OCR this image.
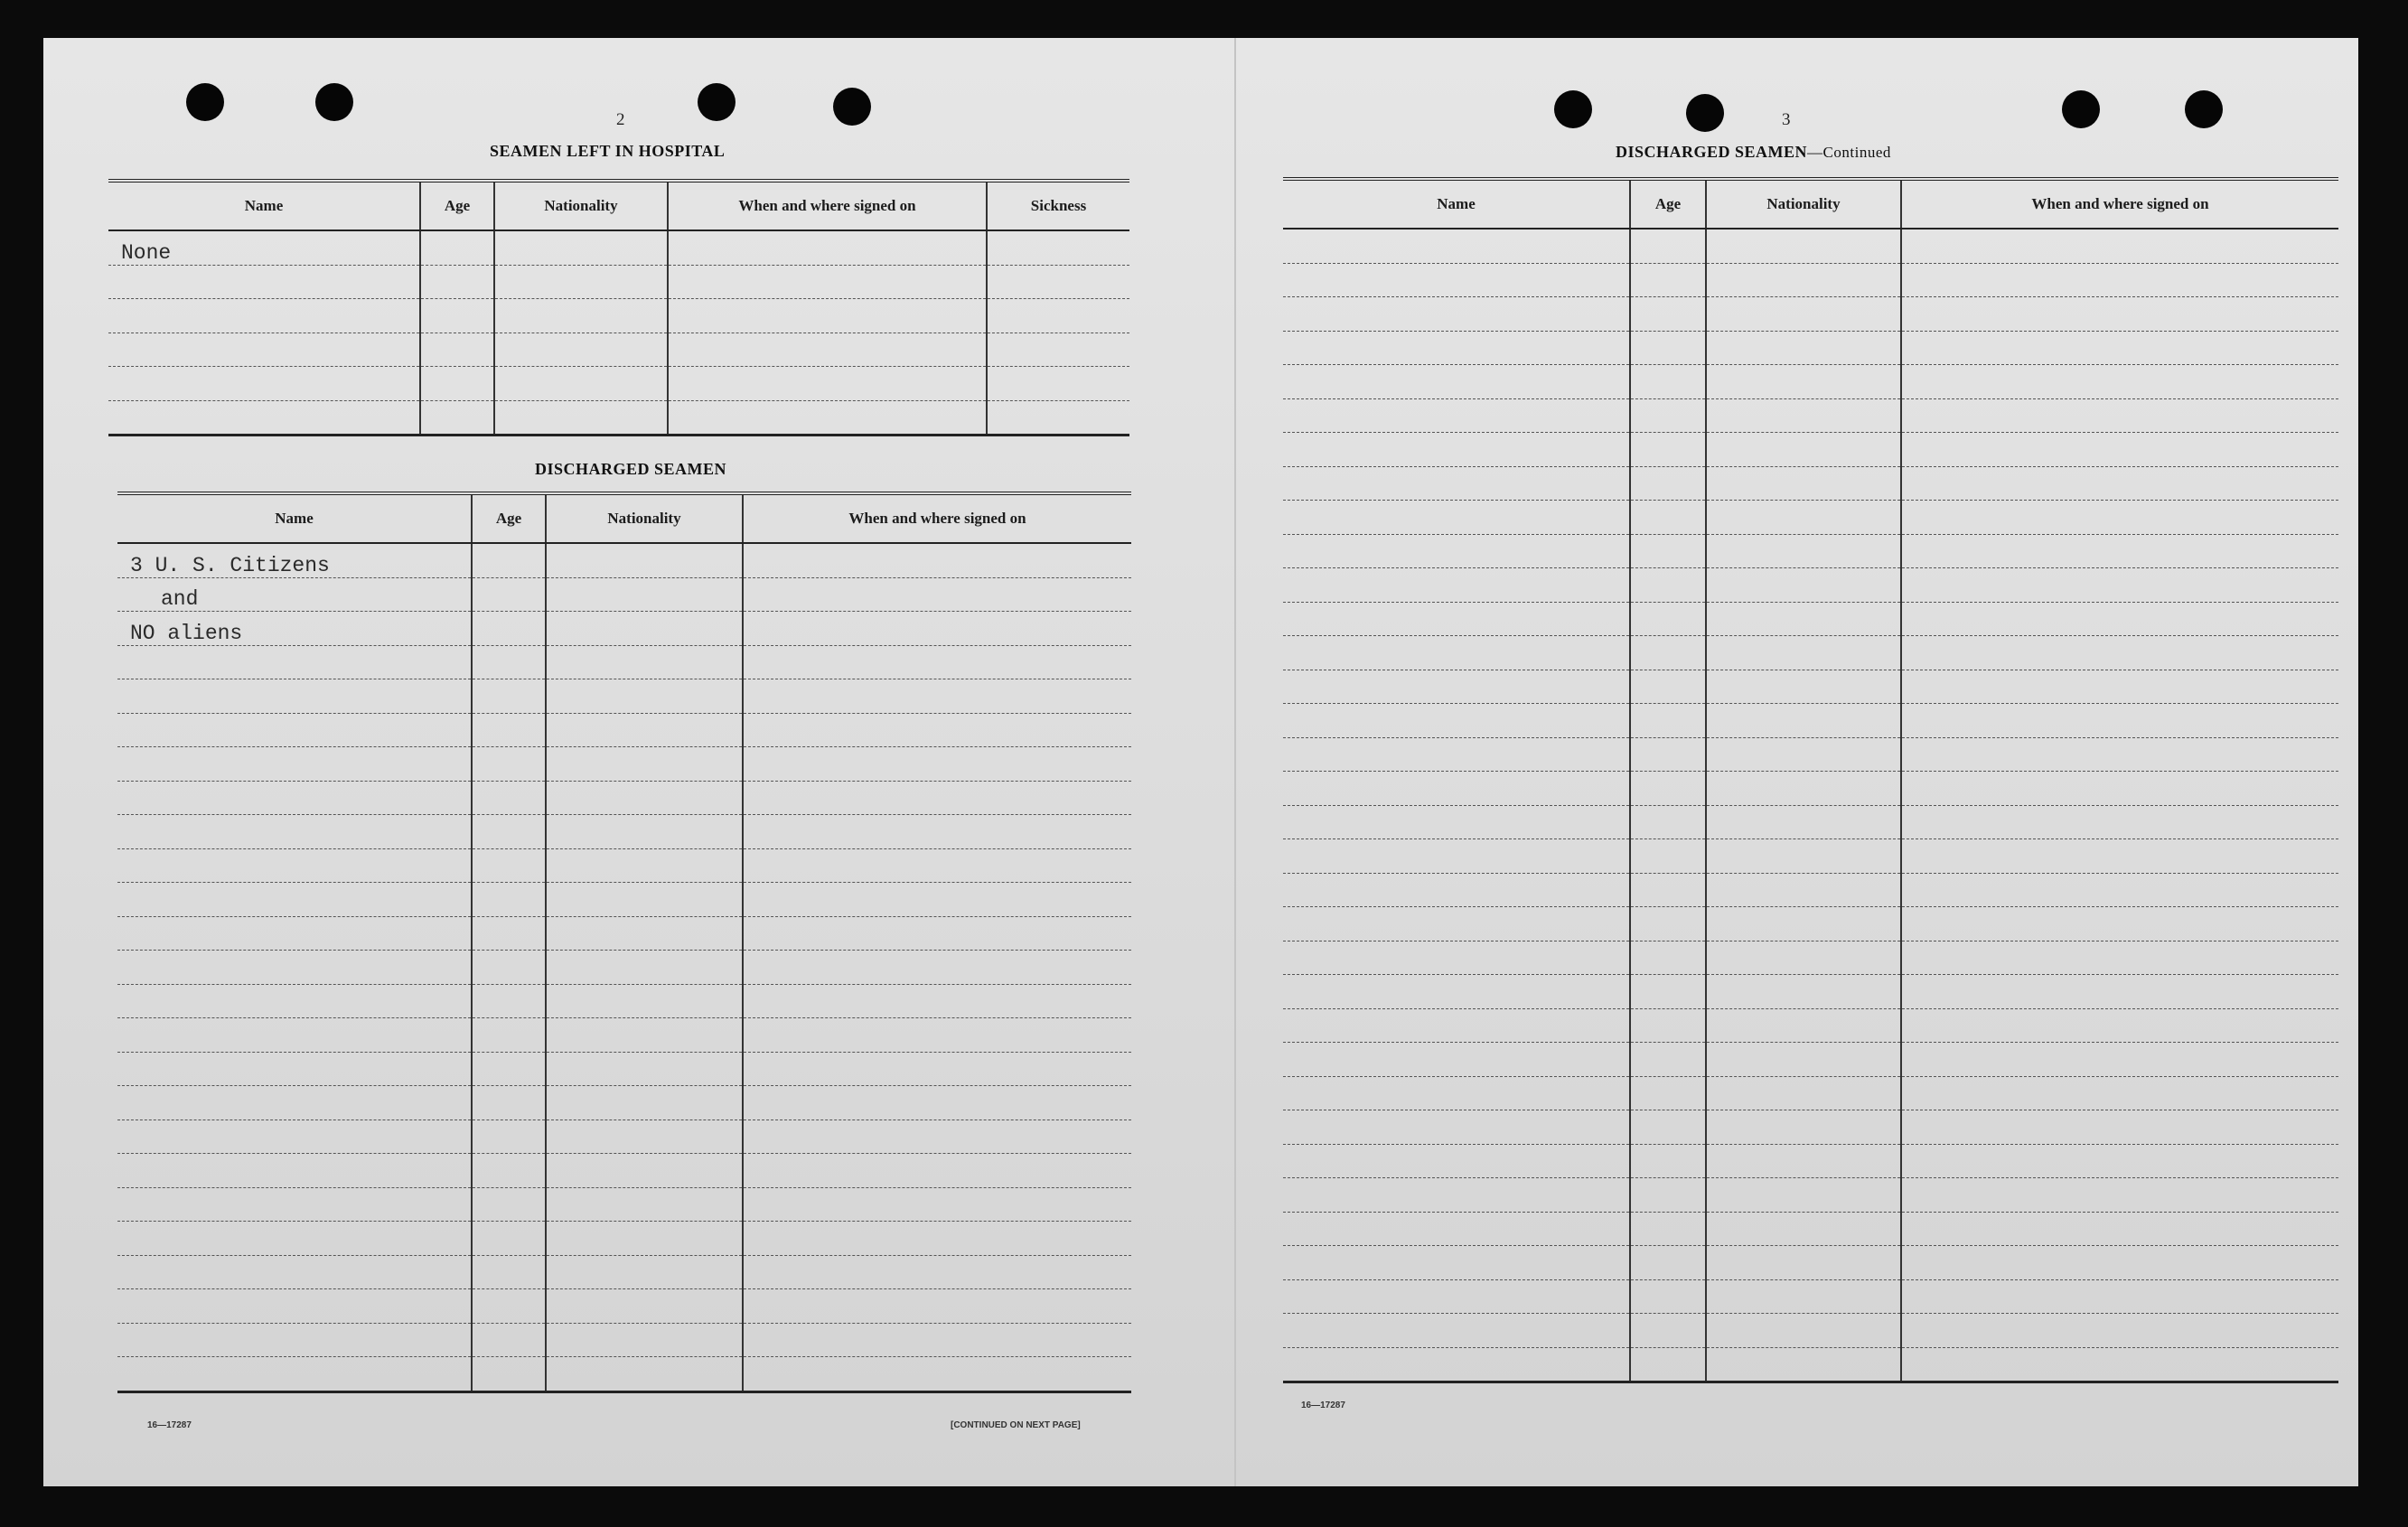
2
SEAMEN LEFT IN HOSPITAL
Name	Age	Nationality	When and where signed on	Sickness
None				

DISCHARGED SEAMEN
Name	Age	Nationality	When and where signed on
3 U. S. Citizens			
and			
NO aliens			

16—17287	[CONTINUED ON NEXT PAGE]
3
DISCHARGED SEAMEN—Continued
Name	Age	Nationality	When and where signed on

16—17287
